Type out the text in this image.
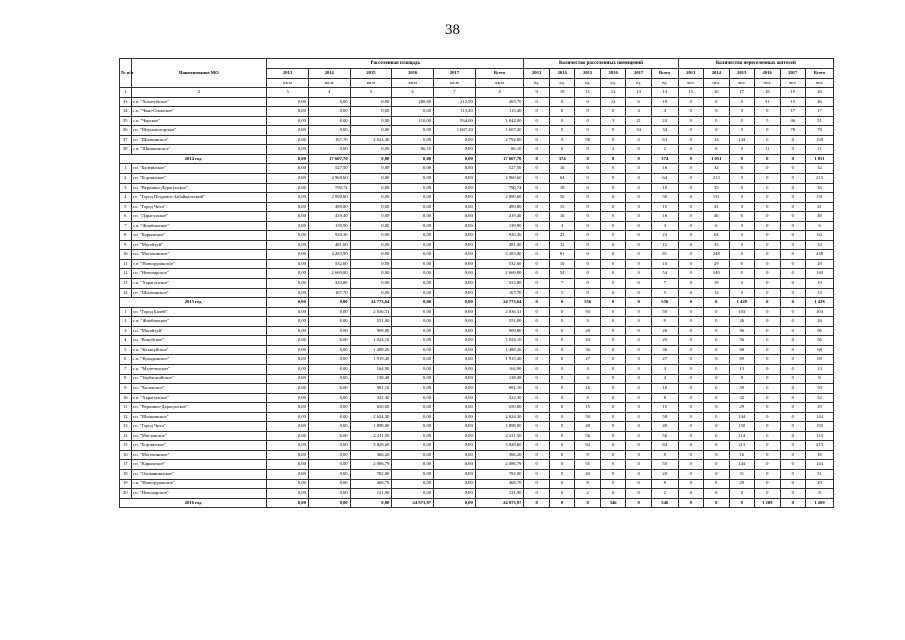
38
№ п/п	Наименование МО	Расселенная площадь						Количество расселенных помещений						Количество переселенных жителей					
		2013	2014	2015	2016	2017	Всего	2013	2014	2015	2016	2017	Всего	2013	2014	2015	2016	2017	Всего
		кв.м	кв.м	кв.м	кв.м	кв.м	кв.м	ед.	ед.	ед.	ед.	ед.	ед.	чел.	чел.	чел.	чел.	чел.	чел.
1	2	3	4	5	6	7	8	9	10	11	12	13	14	15	16	17	18	19	20
33	с.п. "Хохотуйское"	0,00	0,00	0,00	280,80	212,90	493,70	0	0	0	12	6	18	0	0	0	31	15	46
34	с.п. "Чако-Олонское"	0,00	0,00	0,00	0,00	113,40	113,40	0	0	0	0	4	4	0	0	0	0	17	17
35	с.п. "Чарское"	0,00	0,00	0,00	110,00	934,00	1 044,00	0	0	0	3	21	24	0	0	0	5	46	51
36	г.п. "Шерловогорское"	0,00	0,00	0,00	0,00	1 607,20	1 607,20	0	0	0	0	34	34	0	0	0	0	78	78
37	г.п. "Шилкинское"	0,00	167,70	2 624,30	0,00	0,00	2 792,00	0	5	58	0	0	63	0	14	144	0	0	158
38	с.п. "Шишкинское"	0,00	0,00	0,00	86,10	0,00	86,10	0	0	0	2	0	2	0	0	0	11	0	11
2014 год		0,00	17 607,70	0,00	0,00	0,00	17 607,70	0	374	0	0	0	374	0	1 051	0	0	0	1 051
1	г.п. "Балеинское"	0,00	527,50	0,00	0,00	0,00	527,50	0	16	0	0	0	16	0	32	0	0	0	32
2	г.п. "Борзинское"	0,00	2 960,60	0,00	0,00	0,00	2 960,60	0	64	0	0	0	64	0	213	0	0	0	213
3	г.п. "Вершино-Дарасунское"	0,00	790,74	0,00	0,00	0,00	790,74	0	18	0	0	0	18	0	35	0	0	0	35
4	г.о. "Город Петровск-Забайкальский"	0,00	2 890,60	0,00	0,00	0,00	2 890,60	0	50	0	0	0	50	0	131	0	0	0	131
5	г.о. "Город Чита"	0,00	489,80	0,00	0,00	0,00	489,80	0	15	0	0	0	15	0	41	0	0	0	41
6	г.п. "Дарасунское"	0,00	419,40	0,00	0,00	0,00	419,40	0	16	0	0	0	16	0	46	0	0	0	46
7	с.п. "Жиабынское"	0,00	139,90	0,00	0,00	0,00	139,90	0	3	0	0	0	3	0	6	0	0	0	6
8	г.п. "Карымское"	0,00	920,36	0,00	0,00	0,00	920,36	0	23	0	0	0	23	0	64	0	0	0	64
9	г.п. "Могойтуй"	0,00	481,00	0,00	0,00	0,00	481,00	0	12	0	0	0	12	0	33	0	0	0	33
10	г.п. "Могочинское"	0,00	4 283,90	0,00	0,00	0,00	4 283,90	0	81	0	0	0	81	0	248	0	0	0	248
11	с.п. "Новоцуринское"	0,00	532,60	0,00	0,00	0,00	532,60	0	10	0	0	0	10	0	29	0	0	0	29
12	г.п. "Новочарское"	0,00	2 669,80	0,00	0,00	0,00	2 669,80	0	54	0	0	0	54	0	140	0	0	0	140
13	с.п. "Харагунское"	0,00	333,80	0,00	0,00	0,00	333,80	0	7	0	0	0	7	0	19	0	0	0	19
14	г.п. "Шилкинское"	0,00	167,70	0,00	0,00	0,00	167,70	0	5	0	0	0	5	0	14	0	0	0	14
2015 год		0,00	0,00	24 773,64	0,00	0,00	24 773,64	0	0	556	0	0	556	0	0	1 428	0	0	1 428
1	г.о. "Город Балей"	0,00	0,00	2 036,31	0,00	0,00	2 036,31	0	0	50	0	0	50	0	0	103	0	0	103
2	с.п. "Жиабынское"	0,00	0,00	551,00	0,00	0,00	551,00	0	0	9	0	0	9	0	0	26	0	0	26
3	г.п. "Могойтуй"	0,00	0,00	909,80	0,00	0,00	909,80	0	0	28	0	0	28	0	0	96	0	0	96
4	г.п. "Кокуйское"	0,00	0,00	1 024,10	0,00	0,00	1 024,10	0	0	20	0	0	20	0	0	56	0	0	56
5	с.п. "Казакуйское"	0,00	0,00	1 488,26	0,00	0,00	1 488,26	0	0	36	0	0	36	0	0	68	0	0	68
6	с.п. "Куандинское"	0,00	0,00	1 919,40	0,00	0,00	1 919,40	0	0	27	0	0	27	0	0	69	0	0	69
7	с.п. "Малетинское"	0,00	0,00	164,90	0,00	0,00	164,90	0	0	4	0	0	4	0	0	13	0	0	13
8	г.п. "Тарбагатайское"	0,00	0,00	138,48	0,00	0,00	138,48	0	0	4	0	0	4	0	0	8	0	0	8
9	г.п. "Хилокское"	0,00	0,00	981,10	0,00	0,00	981,10	0	0	16	0	0	16	0	0	59	0	0	59
10	с.п. "Харагунское"	0,00	0,00	322,30	0,00	0,00	322,30	0	0	8	0	0	8	0	0	32	0	0	32
11	г.п. "Вершино-Дарасунское"	0,00	0,00	650,00	0,00	0,00	650,00	0	0	15	0	0	15	0	0	29	0	0	29
12	г.п. "Шилкинское"	0,00	0,00	2 624,30	0,00	0,00	2 624,30	0	0	58	0	0	58	0	0	144	0	0	144
13	г.о. "Город Чита"	0,00	0,00	1 898,00	0,00	0,00	1 898,00	0	0	48	0	0	48	0	0	150	0	0	150
14	г.п. "Могзонское"	0,00	0,00	2 411,50	0,00	0,00	2 411,50	0	0	56	0	0	56	0	0	114	0	0	114
15	г.п. "Борзинское"	0,00	0,00	3 828,60	0,00	0,00	3 828,60	0	0	84	0	0	84	0	0	213	0	0	213
16	г.п. "Могочинское"	0,00	0,00	366,20	0,00	0,00	366,20	0	0	8	0	0	8	0	0	16	0	0	16
17	г.п. "Карымское"	0,00	0,00	2 086,79	0,00	0,00	2 086,79	0	0	55	0	0	55	0	0	144	0	0	144
18	г.п. "Оловяннинское"	0,00	0,00	782,00	0,00	0,00	782,00	0	0	20	0	0	20	0	0	51	0	0	51
19	с.п. "Новоцуринское"	0,00	0,00	468,70	0,00	0,00	468,70	0	0	8	0	0	8	0	0	29	0	0	29
20	г.п. "Новочарское"	0,00	0,00	121,90	0,00	0,00	121,90	0	0	2	0	0	2	0	0	8	0	0	8
2016 год		0,00	0,00	0,00	24 973,97	0,00	24 973,97	0	0	0	546	0	546	0	0	0	1 209	0	1 209
